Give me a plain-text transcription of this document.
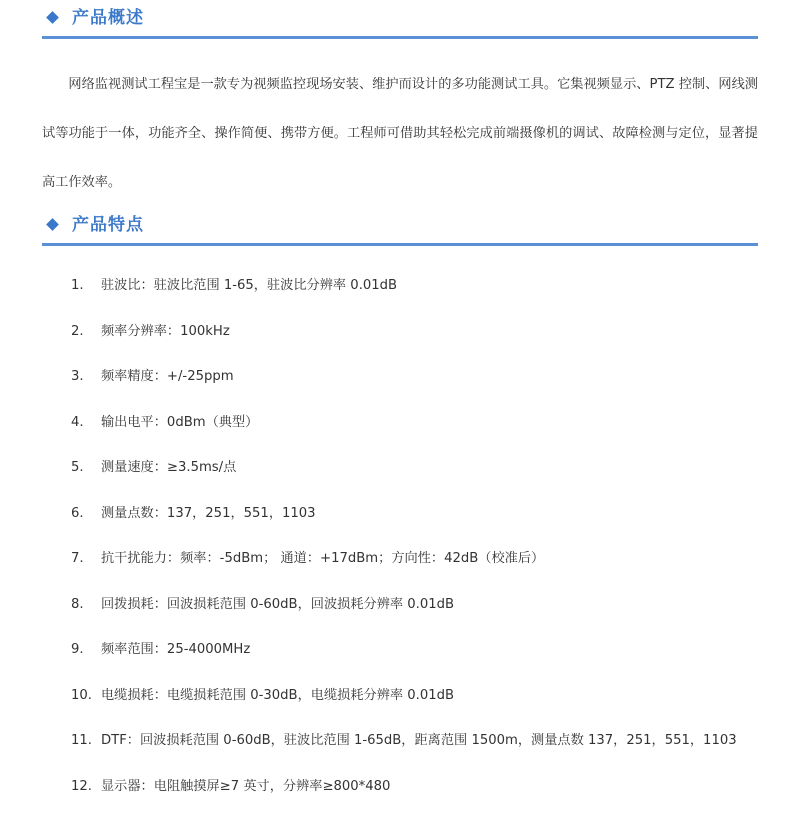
产品概述

网络监视测试工程宝是一款专为视频监控现场安装、维护而设计的多功能测试工具。它集视频显示、PTZ 控制、网线测试等功能于一体，功能齐全、操作简便、携带方便。工程师可借助其轻松完成前端摄像机的调试、故障检测与定位，显著提高工作效率。

产品特点
1.	驻波比：驻波比范围 1-65，驻波比分辨率 0.01dB
2.	频率分辨率：100kHz
3.	频率精度：+/-25ppm
4.	输出电平：0dBm（典型）
5.	测量速度：≥3.5ms/点
6.	测量点数：137，251，551，1103
7.	抗干扰能力：频率：-5dBm； 通道：+17dBm；方向性：42dB（校准后）
8.	回拨损耗：回波损耗范围 0-60dB，回波损耗分辨率 0.01dB
9.	频率范围：25-4000MHz
10. 电缆损耗：电缆损耗范围 0-30dB，电缆损耗分辨率 0.01dB
11. DTF：回波损耗范围 0-60dB，驻波比范围 1-65dB，距离范围 1500m，测量点数 137，251，551，1103
12. 显示器：电阻触摸屏≥7 英寸，分辨率≥800*480
